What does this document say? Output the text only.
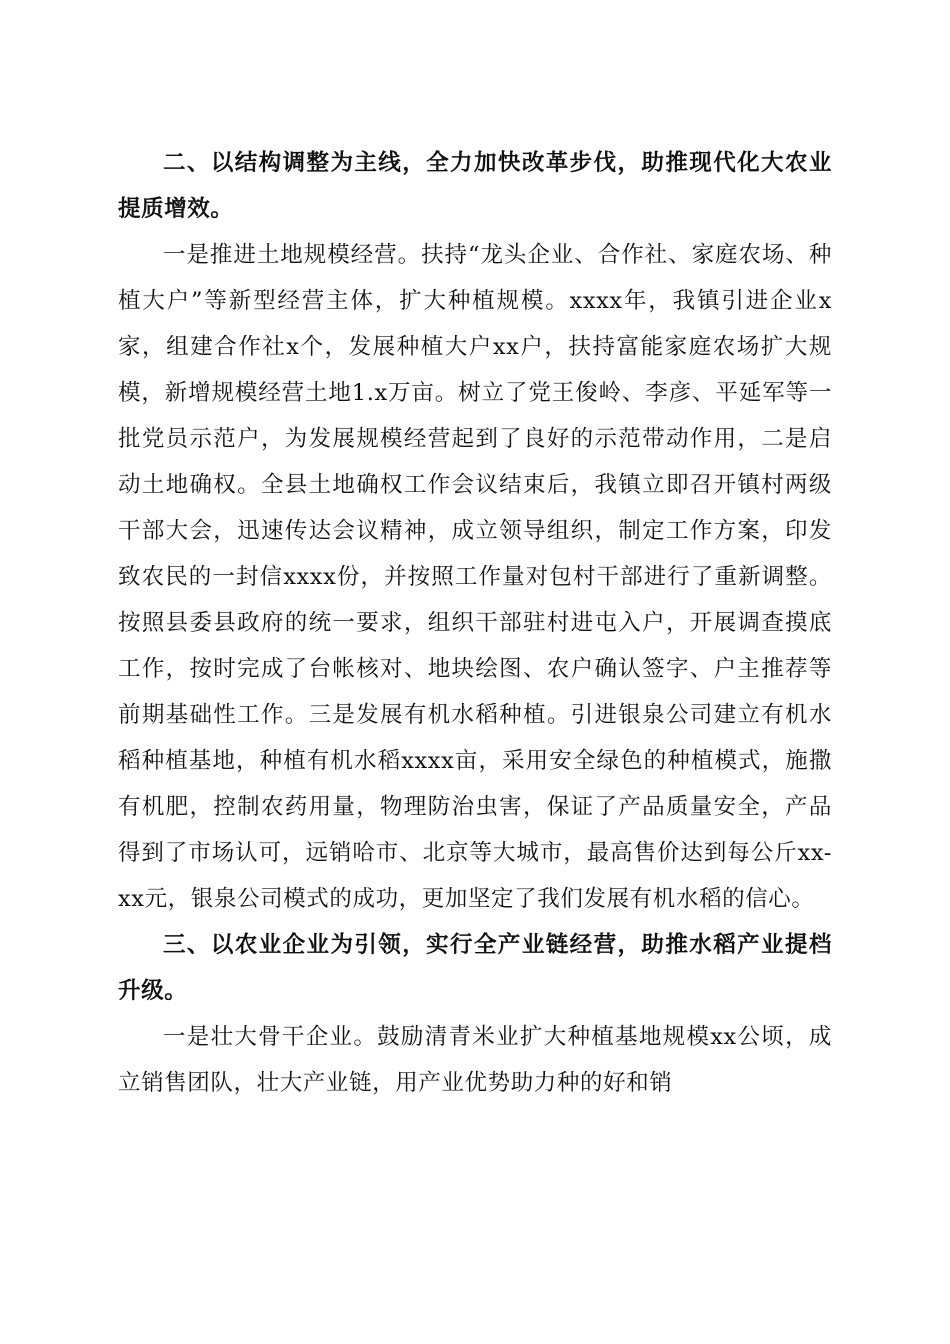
二、以结构调整为主线，全力加快改革步伐，助推现代化大农业提质增效。

一是推进土地规模经营。扶持“龙头企业、合作社、家庭农场、种植大户”等新型经营主体，扩大种植规模。xxxx年，我镇引进企业x家，组建合作社x个，发展种植大户xx户，扶持富能家庭农场扩大规模，新增规模经营土地1.x万亩。树立了党王俊岭、李彦、平延军等一批党员示范户，为发展规模经营起到了良好的示范带动作用，二是启动土地确权。全县土地确权工作会议结束后，我镇立即召开镇村两级干部大会，迅速传达会议精神，成立领导组织，制定工作方案，印发致农民的一封信xxxx份，并按照工作量对包村干部进行了重新调整。按照县委县政府的统一要求，组织干部驻村进屯入户，开展调查摸底工作，按时完成了台帐核对、地块绘图、农户确认签字、户主推荐等前期基础性工作。三是发展有机水稻种植。引进银泉公司建立有机水稻种植基地，种植有机水稻xxxx亩，采用安全绿色的种植模式，施撒有机肥，控制农药用量，物理防治虫害，保证了产品质量安全，产品得到了市场认可，远销哈市、北京等大城市，最高售价达到每公斤xx-xx元，银泉公司模式的成功，更加坚定了我们发展有机水稻的信心。

三、以农业企业为引领，实行全产业链经营，助推水稻产业提档升级。

一是壮大骨干企业。鼓励清青米业扩大种植基地规模xx公顷，成立销售团队，壮大产业链，用产业优势助力种的好和销
